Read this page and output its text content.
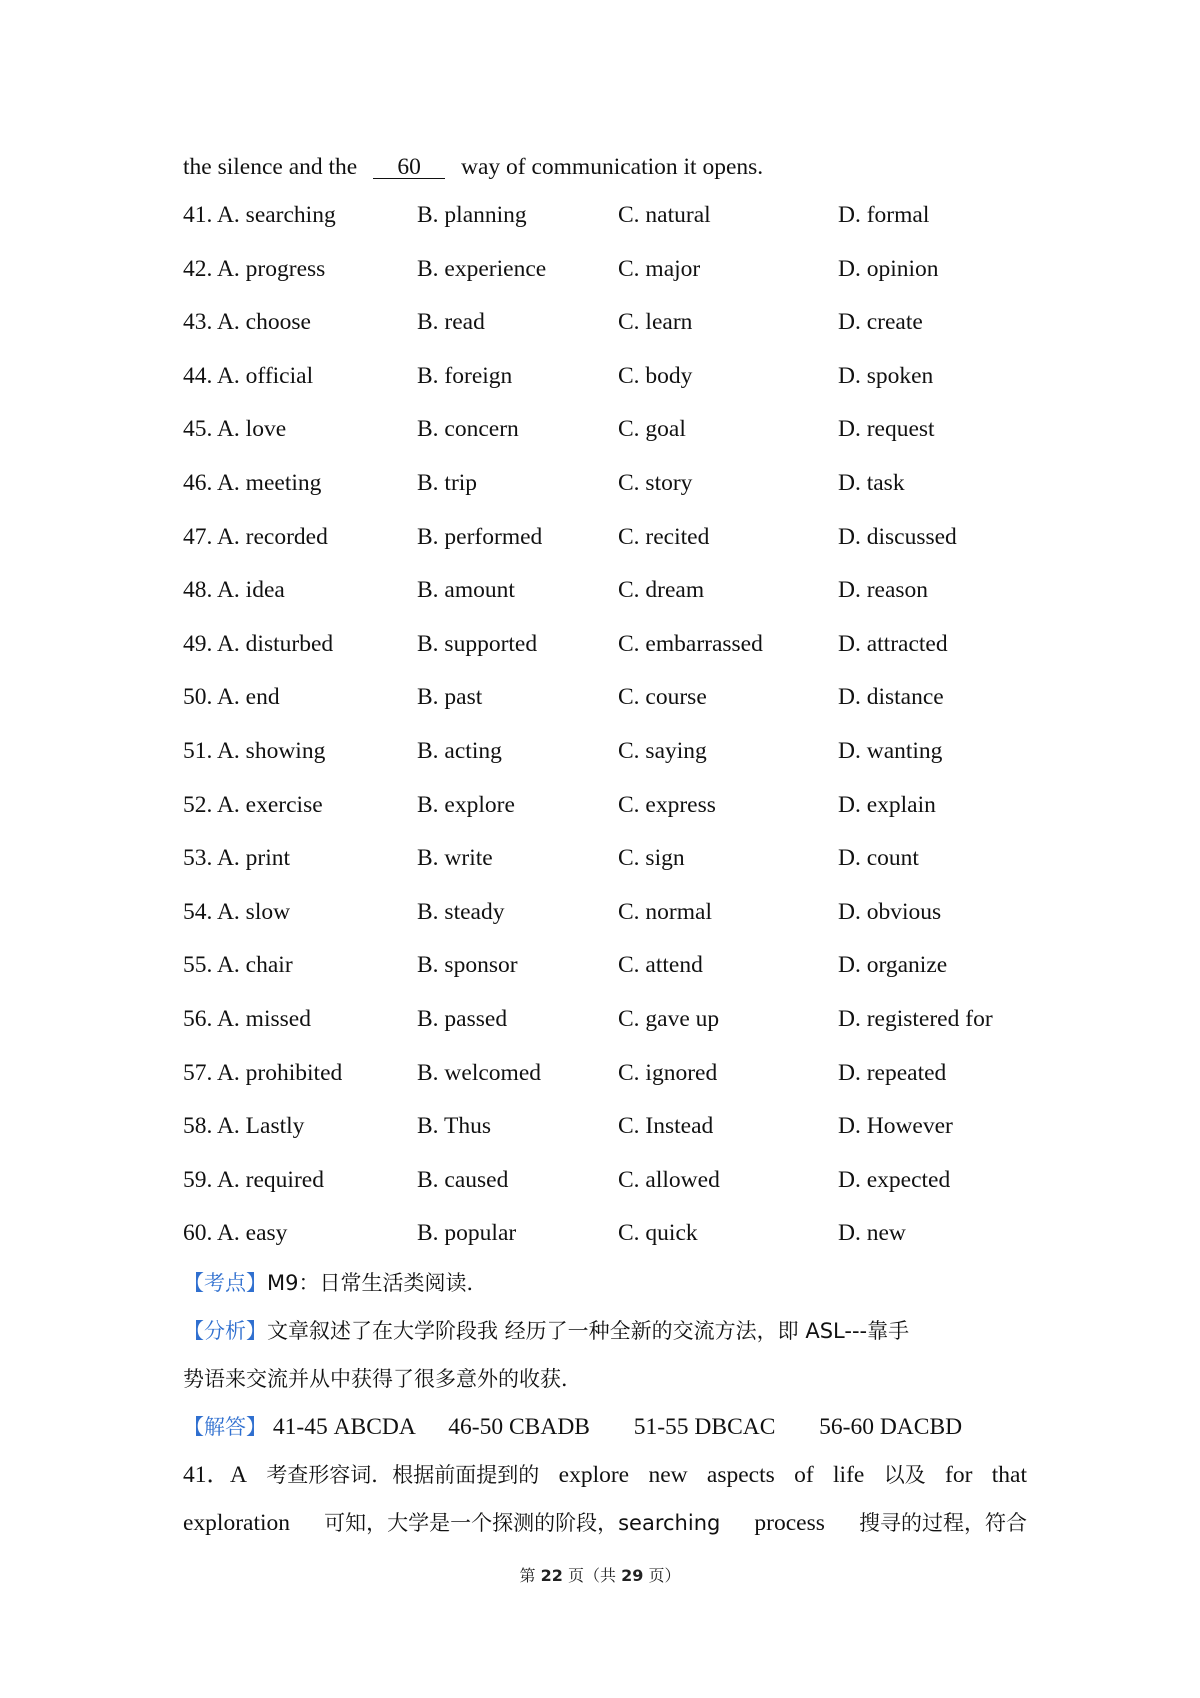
the silence and the 60 way of communication it opens.
41. A. searching	B. planning	C. natural	D. formal
42. A. progress	B. experience	C. major	D. opinion
43. A. choose	B. read	C. learn	D. create
44. A. official	B. foreign	C. body	D. spoken
45. A. love	B. concern	C. goal	D. request
46. A. meeting	B. trip	C. story	D. task
47. A. recorded	B. performed	C. recited	D. discussed
48. A. idea	B. amount	C. dream	D. reason
49. A. disturbed	B. supported	C. embarrassed	D. attracted
50. A. end	B. past	C. course	D. distance
51. A. showing	B. acting	C. saying	D. wanting
52. A. exercise	B. explore	C. express	D. explain
53. A. print	B. write	C. sign	D. count
54. A. slow	B. steady	C. normal	D. obvious
55. A. chair	B. sponsor	C. attend	D. organize
56. A. missed	B. passed	C. gave up	D. registered for
57. A. prohibited	B. welcomed	C. ignored	D. repeated
58. A. Lastly	B. Thus	C. Instead	D. However
59. A. required	B. caused	C. allowed	D. expected
60. A. easy	B. popular	C. quick	D. new
【考点】M9：日常生活类阅读．
【分析】文章叙述了在大学阶段我 经历了一种全新的交流方法，即 ASL---靠手
势语来交流并从中获得了很多意外的收获．
【解答】 41-45 ABCDA 46-50 CBADB 51-55 DBCAC 56-60 DACBD
41．A 考查形容词．根据前面提到的 explore new aspects of life 以及 for that
exploration 可知，大学是一个探测的阶段，searching process 搜寻的过程，符合
第 22 页（共 29 页）
